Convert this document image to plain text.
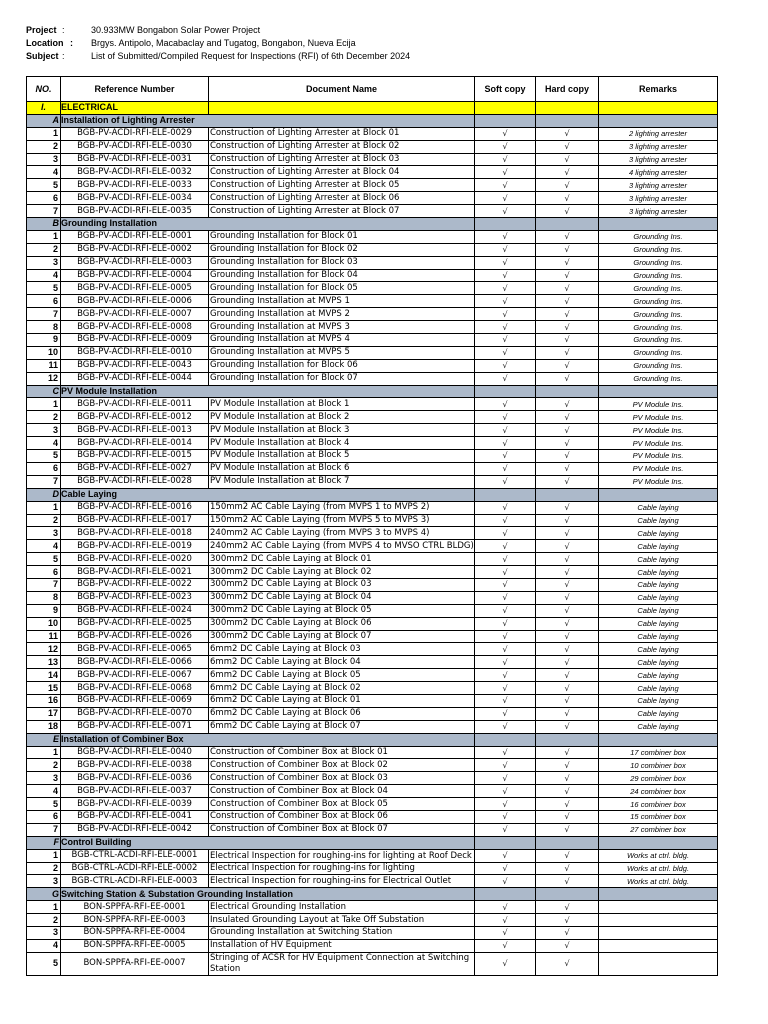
Project :	30.933MW Bongabon Solar Power Project
Location :	Brgys. Antipolo, Macabaclay and Tugatog, Bongabon, Nueva Ecija
Subject :	List of Submitted/Compiled Request for Inspections (RFI) of 6th December 2024
NO.	Reference Number	Document Name	Soft copy	Hard copy	Remarks
I.	ELECTRICAL				
A	Installation of Lighting Arrester				
1	BGB-PV-ACDI-RFI-ELE-0029	Construction of Lighting Arrester at Block 01	√	√	2 lighting arrester
2	BGB-PV-ACDI-RFI-ELE-0030	Construction of Lighting Arrester at Block 02	√	√	3 lighting arrester
3	BGB-PV-ACDI-RFI-ELE-0031	Construction of Lighting Arrester at Block 03	√	√	3 lighting arrester
4	BGB-PV-ACDI-RFI-ELE-0032	Construction of Lighting Arrester at Block 04	√	√	4 lighting arrester
5	BGB-PV-ACDI-RFI-ELE-0033	Construction of Lighting Arrester at Block 05	√	√	3 lighting arrester
6	BGB-PV-ACDI-RFI-ELE-0034	Construction of Lighting Arrester at Block 06	√	√	3 lighting arrester
7	BGB-PV-ACDI-RFI-ELE-0035	Construction of Lighting Arrester at Block 07	√	√	3 lighting arrester
B	Grounding Installation				
1	BGB-PV-ACDI-RFI-ELE-0001	Grounding Installation for Block 01	√	√	Grounding Ins.
2	BGB-PV-ACDI-RFI-ELE-0002	Grounding Installation for Block 02	√	√	Grounding Ins.
3	BGB-PV-ACDI-RFI-ELE-0003	Grounding Installation for Block 03	√	√	Grounding Ins.
4	BGB-PV-ACDI-RFI-ELE-0004	Grounding Installation for Block 04	√	√	Grounding Ins.
5	BGB-PV-ACDI-RFI-ELE-0005	Grounding Installation for Block 05	√	√	Grounding Ins.
6	BGB-PV-ACDI-RFI-ELE-0006	Grounding Installation at MVPS 1	√	√	Grounding Ins.
7	BGB-PV-ACDI-RFI-ELE-0007	Grounding Installation at MVPS 2	√	√	Grounding Ins.
8	BGB-PV-ACDI-RFI-ELE-0008	Grounding Installation at MVPS 3	√	√	Grounding Ins.
9	BGB-PV-ACDI-RFI-ELE-0009	Grounding Installation at MVPS 4	√	√	Grounding Ins.
10	BGB-PV-ACDI-RFI-ELE-0010	Grounding Installation at MVPS 5	√	√	Grounding Ins.
11	BGB-PV-ACDI-RFI-ELE-0043	Grounding Installation for Block 06	√	√	Grounding Ins.
12	BGB-PV-ACDI-RFI-ELE-0044	Grounding Installation for Block 07	√	√	Grounding Ins.
C	PV Module Installation				
1	BGB-PV-ACDI-RFI-ELE-0011	PV Module Installation at Block 1	√	√	PV Module Ins.
2	BGB-PV-ACDI-RFI-ELE-0012	PV Module Installation at Block 2	√	√	PV Module Ins.
3	BGB-PV-ACDI-RFI-ELE-0013	PV Module Installation at Block 3	√	√	PV Module Ins.
4	BGB-PV-ACDI-RFI-ELE-0014	PV Module Installation at Block 4	√	√	PV Module Ins.
5	BGB-PV-ACDI-RFI-ELE-0015	PV Module Installation at Block 5	√	√	PV Module Ins.
6	BGB-PV-ACDI-RFI-ELE-0027	PV Module Installation at Block 6	√	√	PV Module Ins.
7	BGB-PV-ACDI-RFI-ELE-0028	PV Module Installation at Block 7	√	√	PV Module Ins.
D	Cable Laying				
1	BGB-PV-ACDI-RFI-ELE-0016	150mm2 AC Cable Laying (from MVPS 1 to MVPS 2)	√	√	Cable laying
2	BGB-PV-ACDI-RFI-ELE-0017	150mm2 AC Cable Laying (from MVPS 5 to MVPS 3)	√	√	Cable laying
3	BGB-PV-ACDI-RFI-ELE-0018	240mm2 AC Cable Laying (from MVPS 3 to MVPS 4)	√	√	Cable laying
4	BGB-PV-ACDI-RFI-ELE-0019	240mm2 AC Cable Laying (from MVPS 4 to MVSO CTRL BLDG)	√	√	Cable laying
5	BGB-PV-ACDI-RFI-ELE-0020	300mm2 DC Cable Laying at Block 01	√	√	Cable laying
6	BGB-PV-ACDI-RFI-ELE-0021	300mm2 DC Cable Laying at Block 02	√	√	Cable laying
7	BGB-PV-ACDI-RFI-ELE-0022	300mm2 DC Cable Laying at Block 03	√	√	Cable laying
8	BGB-PV-ACDI-RFI-ELE-0023	300mm2 DC Cable Laying at Block 04	√	√	Cable laying
9	BGB-PV-ACDI-RFI-ELE-0024	300mm2 DC Cable Laying at Block 05	√	√	Cable laying
10	BGB-PV-ACDI-RFI-ELE-0025	300mm2 DC Cable Laying at Block 06	√	√	Cable laying
11	BGB-PV-ACDI-RFI-ELE-0026	300mm2 DC Cable Laying at Block 07	√	√	Cable laying
12	BGB-PV-ACDI-RFI-ELE-0065	6mm2 DC Cable Laying at Block 03	√	√	Cable laying
13	BGB-PV-ACDI-RFI-ELE-0066	6mm2 DC Cable Laying at Block 04	√	√	Cable laying
14	BGB-PV-ACDI-RFI-ELE-0067	6mm2 DC Cable Laying at Block 05	√	√	Cable laying
15	BGB-PV-ACDI-RFI-ELE-0068	6mm2 DC Cable Laying at Block 02	√	√	Cable laying
16	BGB-PV-ACDI-RFI-ELE-0069	6mm2 DC Cable Laying at Block 01	√	√	Cable laying
17	BGB-PV-ACDI-RFI-ELE-0070	6mm2 DC Cable Laying at Block 06	√	√	Cable laying
18	BGB-PV-ACDI-RFI-ELE-0071	6mm2 DC Cable Laying at Block 07	√	√	Cable laying
E	Installation of Combiner Box				
1	BGB-PV-ACDI-RFI-ELE-0040	Construction of Combiner Box at Block 01	√	√	17 combiner box
2	BGB-PV-ACDI-RFI-ELE-0038	Construction of Combiner Box at Block 02	√	√	10 combiner box
3	BGB-PV-ACDI-RFI-ELE-0036	Construction of Combiner Box at Block 03	√	√	29 combiner box
4	BGB-PV-ACDI-RFI-ELE-0037	Construction of Combiner Box at Block 04	√	√	24 combiner box
5	BGB-PV-ACDI-RFI-ELE-0039	Construction of Combiner Box at Block 05	√	√	16 combiner box
6	BGB-PV-ACDI-RFI-ELE-0041	Construction of Combiner Box at Block 06	√	√	15 combiner box
7	BGB-PV-ACDI-RFI-ELE-0042	Construction of Combiner Box at Block 07	√	√	27 combiner box
F	Control Building				
1	BGB-CTRL-ACDI-RFI-ELE-0001	Electrical Inspection for roughing-ins for lighting at Roof Deck	√	√	Works at ctrl. bldg.
2	BGB-CTRL-ACDI-RFI-ELE-0002	Electrical Inspection for roughing-ins for lighting	√	√	Works at ctrl. bldg.
3	BGB-CTRL-ACDI-RFI-ELE-0003	Electrical Inspection for roughing-ins for Electrical Outlet	√	√	Works at ctrl. bldg.
G	Switching Station & Substation Grounding Installation				
1	BON-SPPFA-RFI-EE-0001	Electrical Grounding Installation	√	√	
2	BON-SPPFA-RFI-EE-0003	Insulated Grounding Layout at Take Off Substation	√	√	
3	BON-SPPFA-RFI-EE-0004	Grounding Installation at Switching Station	√	√	
4	BON-SPPFA-RFI-EE-0005	Installation of HV Equipment	√	√	
5	BON-SPPFA-RFI-EE-0007	Stringing of ACSR for HV Equipment Connection at Switching Station	√	√	
